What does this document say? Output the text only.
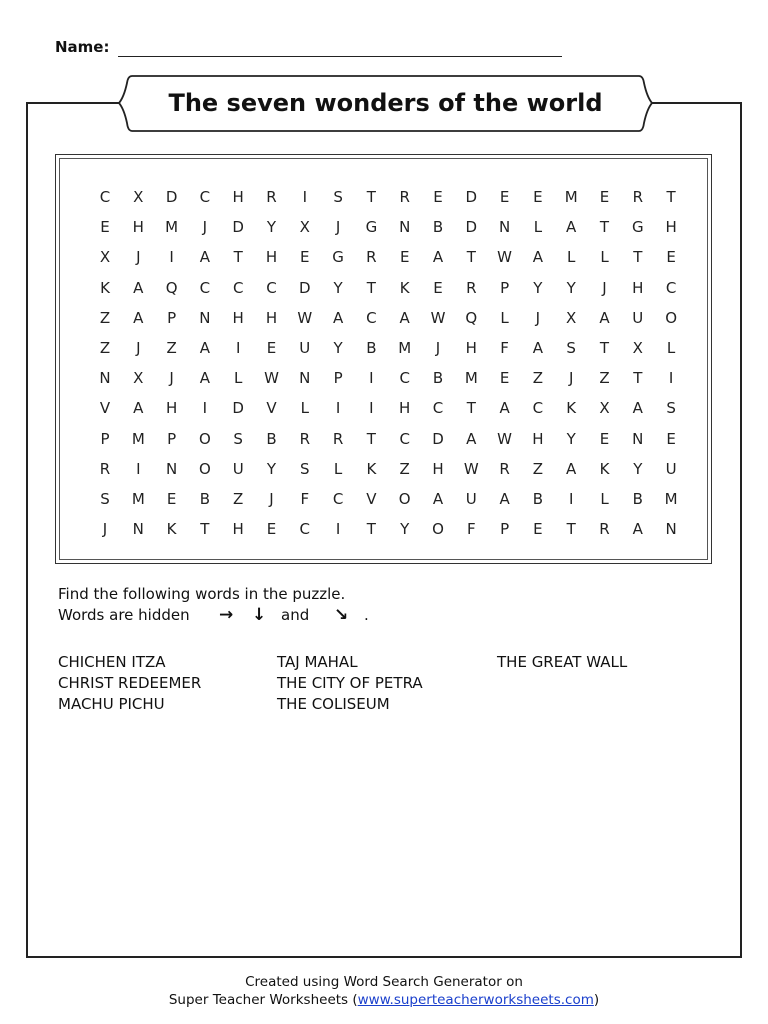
Name:
The seven wonders of the world
C	X	D	C	H	R	I	S	T	R	E	D	E	E	M	E	R	T
E	H	M	J	D	Y	X	J	G	N	B	D	N	L	A	T	G	H
X	J	I	A	T	H	E	G	R	E	A	T	W	A	L	L	T	E
K	A	Q	C	C	C	D	Y	T	K	E	R	P	Y	Y	J	H	C
Z	A	P	N	H	H	W	A	C	A	W	Q	L	J	X	A	U	O
Z	J	Z	A	I	E	U	Y	B	M	J	H	F	A	S	T	X	L
N	X	J	A	L	W	N	P	I	C	B	M	E	Z	J	Z	T	I
V	A	H	I	D	V	L	I	I	H	C	T	A	C	K	X	A	S
P	M	P	O	S	B	R	R	T	C	D	A	W	H	Y	E	N	E
R	I	N	O	U	Y	S	L	K	Z	H	W	R	Z	A	K	Y	U
S	M	E	B	Z	J	F	C	V	O	A	U	A	B	I	L	B	M
J	N	K	T	H	E	C	I	T	Y	O	F	P	E	T	R	A	N
Find the following words in the puzzle.
Words are hidden → ↓ and ↘ .
CHICHEN ITZA
CHRIST REDEEMER
MACHU PICHU
TAJ MAHAL
THE CITY OF PETRA
THE COLISEUM
THE GREAT WALL
Created using Word Search Generator on
Super Teacher Worksheets (www.superteacherworksheets.com)
